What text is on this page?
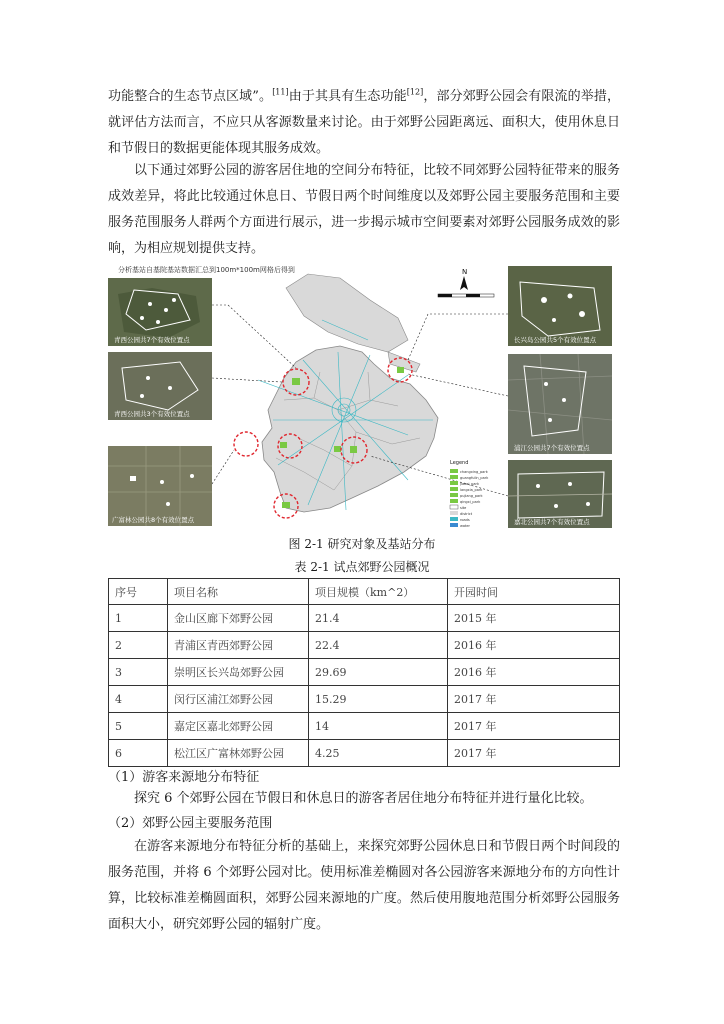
功能整合的生态节点区域”。[11]由于其具有生态功能[12]，部分郊野公园会有限流的举措，就评估方法而言，不应只从客源数量来讨论。由于郊野公园距离远、面积大，使用休息日和节假日的数据更能体现其服务成效。

以下通过郊野公园的游客居住地的空间分布特征，比较不同郊野公园特征带来的服务成效差异，将此比较通过休息日、节假日两个时间维度以及郊野公园主要服务范围和主要服务范围服务人群两个方面进行展示，进一步揭示城市空间要素对郊野公园服务成效的影响，为相应规划提供支持。

分析基站自基院基站数据汇总到100m*100m网格后得到	N
青西公园共7个有效位置点
青西公园共3个有效位置点
广富林公园共8个有效位置点
长兴岛公园共5个有效位置点
浦江公园共7个有效位置点
嘉北公园共7个有效位置点
Legend
changxing_park
guangfulin_park
jiabei_park
langxia_park
pujiang_park
qingxi_park
site
district
roads
water
图 2-1 研究对象及基站分布
表 2-1 试点郊野公园概况
序号	项目名称	项目规模（km^2）	开园时间
1	金山区廊下郊野公园	21.4	2015 年
2	青浦区青西郊野公园	22.4	2016 年
3	崇明区长兴岛郊野公园	29.69	2016 年
4	闵行区浦江郊野公园	15.29	2017 年
5	嘉定区嘉北郊野公园	14	2017 年
6	松江区广富林郊野公园	4.25	2017 年

（1）游客来源地分布特征

探究 6 个郊野公园在节假日和休息日的游客者居住地分布特征并进行量化比较。

（2）郊野公园主要服务范围

在游客来源地分布特征分析的基础上，来探究郊野公园休息日和节假日两个时间段的服务范围，并将 6 个郊野公园对比。使用标准差椭圆对各公园游客来源地分布的方向性计算，比较标准差椭圆面积，郊野公园来源地的广度。然后使用腹地范围分析郊野公园服务面积大小，研究郊野公园的辐射广度。
